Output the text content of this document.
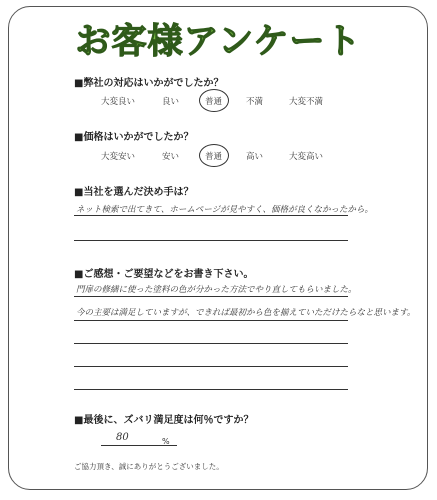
お客様アンケート
■弊社の対応はいかがでしたか？
大変良い	良い	普通	不満	大変不満
■価格はいかがでしたか？
大変安い	安い	普通	高い	大変高い
■当社を選んだ決め手は？
ネット検索で出てきて、ホームページが見やすく、価格が良くなかったから。
■ご感想・ご要望などをお書き下さい。
門扉の修繕に使った塗料の色が分かった方法でやり直してもらいました。
今の主要は満足していますが、できれば最初から色を揃えていただけたらなと思います。
■最後に、ズバリ満足度は何％ですか？
80	%
ご協力頂き、誠にありがとうございました。
